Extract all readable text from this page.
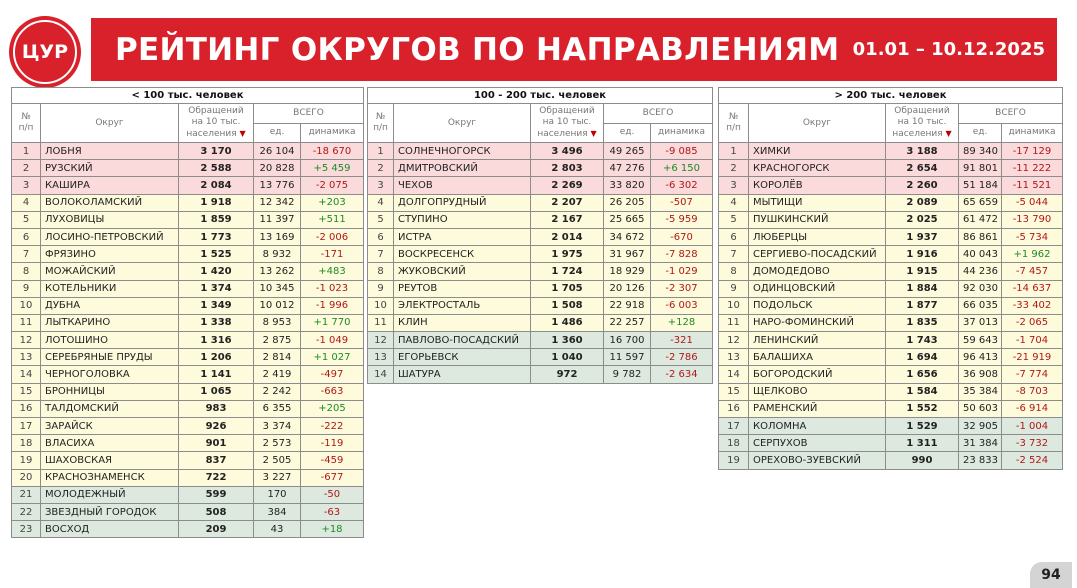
ЦУР РЕЙТИНГ ОКРУГОВ ПО НАПРАВЛЕНИЯМ 01.01 – 10.12.2025
< 100 тыс. человек				
№ п/п	Округ	Обращений на 10 тыс. населения ▼	ВСЕГО	
			ед.	динамика
1	ЛОБНЯ	3 170	26 104	-18 670
2	РУЗСКИЙ	2 588	20 828	+5 459
3	КАШИРА	2 084	13 776	-2 075
4	ВОЛОКОЛАМСКИЙ	1 918	12 342	+203
5	ЛУХОВИЦЫ	1 859	11 397	+511
6	ЛОСИНО-ПЕТРОВСКИЙ	1 773	13 169	-2 006
7	ФРЯЗИНО	1 525	8 932	-171
8	МОЖАЙСКИЙ	1 420	13 262	+483
9	КОТЕЛЬНИКИ	1 374	10 345	-1 023
10	ДУБНА	1 349	10 012	-1 996
11	ЛЫТКАРИНО	1 338	8 953	+1 770
12	ЛОТОШИНО	1 316	2 875	-1 049
13	СЕРЕБРЯНЫЕ ПРУДЫ	1 206	2 814	+1 027
14	ЧЕРНОГОЛОВКА	1 141	2 419	-497
15	БРОННИЦЫ	1 065	2 242	-663
16	ТАЛДОМСКИЙ	983	6 355	+205
17	ЗАРАЙСК	926	3 374	-222
18	ВЛАСИХА	901	2 573	-119
19	ШАХОВСКАЯ	837	2 505	-459
20	КРАСНОЗНАМЕНСК	722	3 227	-677
21	МОЛОДЕЖНЫЙ	599	170	-50
22	ЗВЕЗДНЫЙ ГОРОДОК	508	384	-63
23	ВОСХОД	209	43	+18
100 - 200 тыс. человек				
№ п/п	Округ	Обращений на 10 тыс. населения ▼	ВСЕГО	
			ед.	динамика
1	СОЛНЕЧНОГОРСК	3 496	49 265	-9 085
2	ДМИТРОВСКИЙ	2 803	47 276	+6 150
3	ЧЕХОВ	2 269	33 820	-6 302
4	ДОЛГОПРУДНЫЙ	2 207	26 205	-507
5	СТУПИНО	2 167	25 665	-5 959
6	ИСТРА	2 014	34 672	-670
7	ВОСКРЕСЕНСК	1 975	31 967	-7 828
8	ЖУКОВСКИЙ	1 724	18 929	-1 029
9	РЕУТОВ	1 705	20 126	-2 307
10	ЭЛЕКТРОСТАЛЬ	1 508	22 918	-6 003
11	КЛИН	1 486	22 257	+128
12	ПАВЛОВО-ПОСАДСКИЙ	1 360	16 700	-321
13	ЕГОРЬЕВСК	1 040	11 597	-2 786
14	ШАТУРА	972	9 782	-2 634
> 200 тыс. человек				
№ п/п	Округ	Обращений на 10 тыс. населения ▼	ВСЕГО	
			ед.	динамика
1	ХИМКИ	3 188	89 340	-17 129
2	КРАСНОГОРСК	2 654	91 801	-11 222
3	КОРОЛЁВ	2 260	51 184	-11 521
4	МЫТИЩИ	2 089	65 659	-5 044
5	ПУШКИНСКИЙ	2 025	61 472	-13 790
6	ЛЮБЕРЦЫ	1 937	86 861	-5 734
7	СЕРГИЕВО-ПОСАДСКИЙ	1 916	40 043	+1 962
8	ДОМОДЕДОВО	1 915	44 236	-7 457
9	ОДИНЦОВСКИЙ	1 884	92 030	-14 637
10	ПОДОЛЬСК	1 877	66 035	-33 402
11	НАРО-ФОМИНСКИЙ	1 835	37 013	-2 065
12	ЛЕНИНСКИЙ	1 743	59 643	-1 704
13	БАЛАШИХА	1 694	96 413	-21 919
14	БОГОРОДСКИЙ	1 656	36 908	-7 774
15	ЩЕЛКОВО	1 584	35 384	-8 703
16	РАМЕНСКИЙ	1 552	50 603	-6 914
17	КОЛОМНА	1 529	32 905	-1 004
18	СЕРПУХОВ	1 311	31 384	-3 732
19	ОРЕХОВО-ЗУЕВСКИЙ	990	23 833	-2 524
94
